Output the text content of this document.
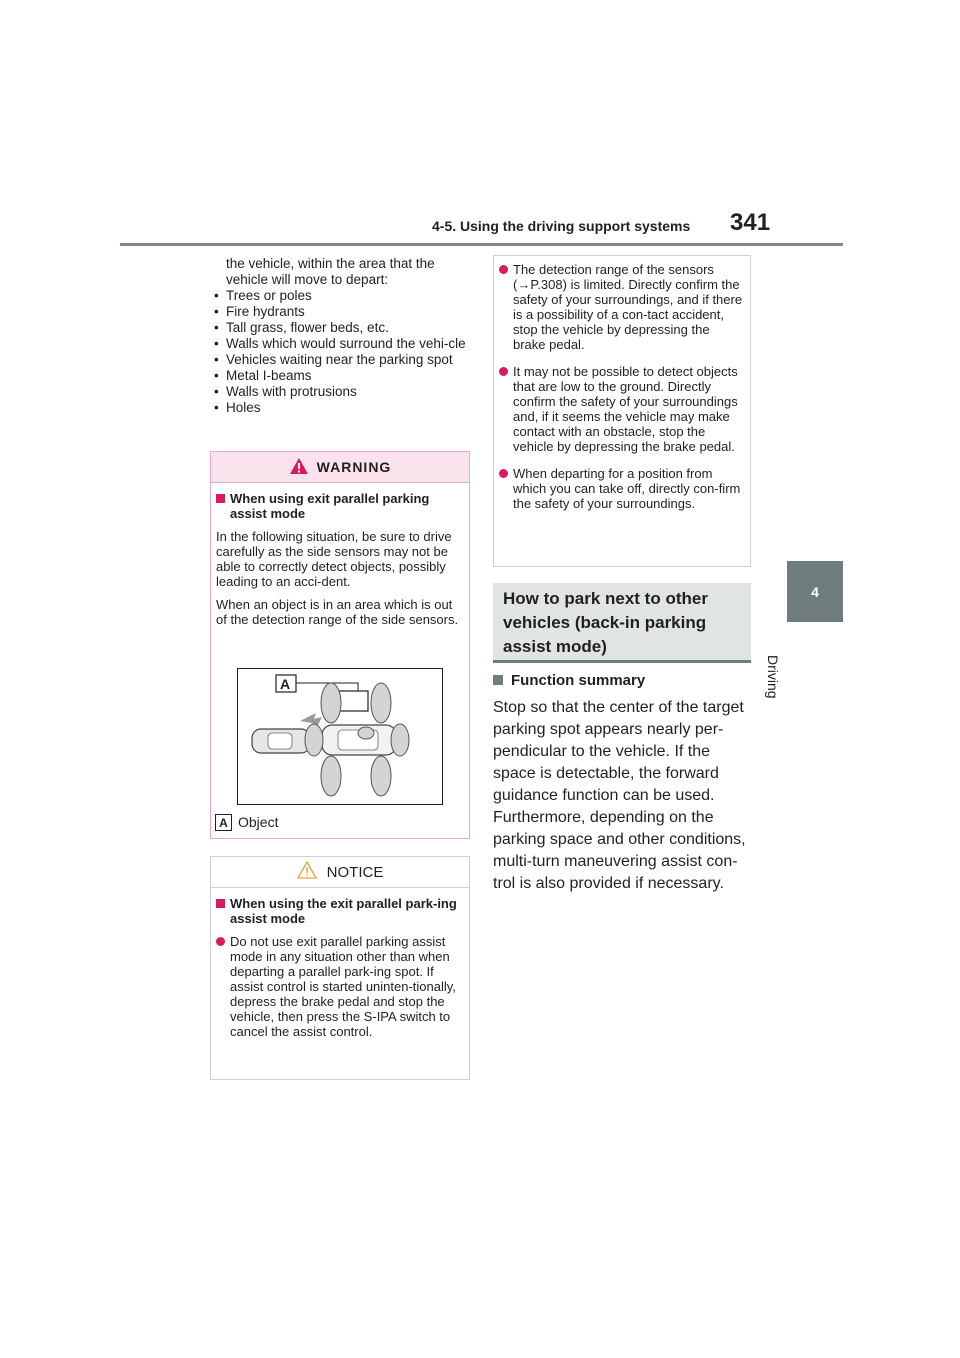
4-5. Using the driving support systems 341
4
Driving
the vehicle, within the area that the vehicle will move to depart:
• Trees or poles
• Fire hydrants
• Tall grass, flower beds, etc.
• Walls which would surround the vehi-cle
• Vehicles waiting near the parking spot
• Metal I-beams
• Walls with protrusions
• Holes
WARNING
When using exit parallel parking assist mode
In the following situation, be sure to drive carefully as the side sensors may not be able to correctly detect objects, possibly leading to an acci-dent.
When an object is in an area which is out of the detection range of the side sensors.
A
A Object
NOTICE
When using the exit parallel park-ing assist mode
Do not use exit parallel parking assist mode in any situation other than when departing a parallel park-ing spot. If assist control is started uninten-tionally, depress the brake pedal and stop the vehicle, then press the S-IPA switch to cancel the assist control.
The detection range of the sensors (→P.308) is limited. Directly confirm the safety of your surroundings, and if there is a possibility of a con-tact accident, stop the vehicle by depressing the brake pedal.
It may not be possible to detect objects that are low to the ground. Directly confirm the safety of your surroundings and, if it seems the vehicle may make contact with an obstacle, stop the vehicle by depressing the brake pedal.
When departing for a position from which you can take off, directly con-firm the safety of your surroundings.
How to park next to other vehicles (back-in parking assist mode)
Function summary
Stop so that the center of the target parking spot appears nearly per-pendicular to the vehicle. If the space is detectable, the forward guidance function can be used. Furthermore, depending on the parking space and other conditions, multi-turn maneuvering assist con-trol is also provided if necessary.
